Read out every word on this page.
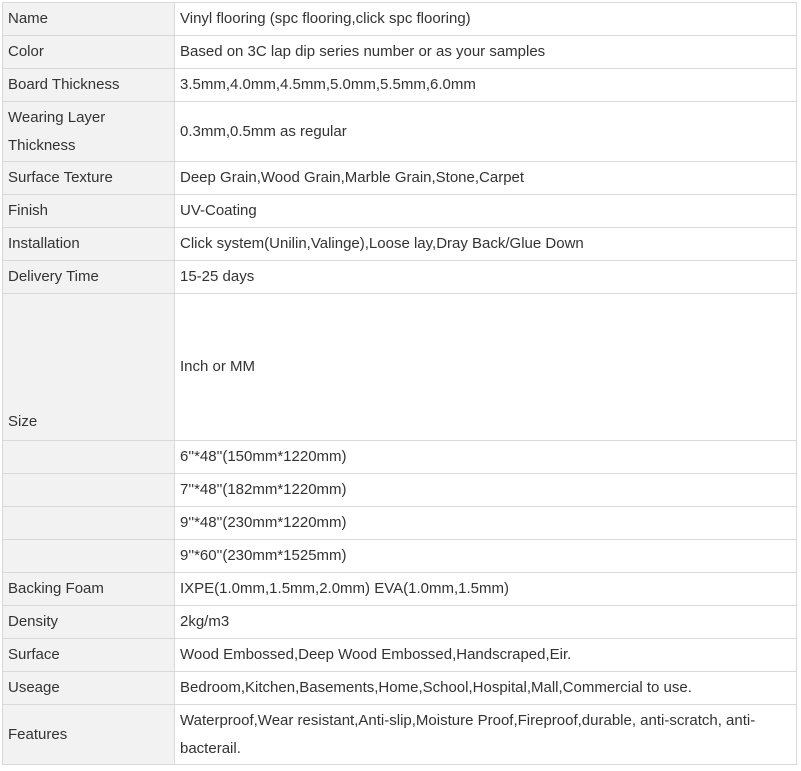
Name	Vinyl flooring (spc flooring,click spc flooring)
Color	Based on 3C lap dip series number or as your samples
Board Thickness	3.5mm,4.0mm,4.5mm,5.0mm,5.5mm,6.0mm
Wearing Layer Thickness	0.3mm,0.5mm as regular
Surface Texture	Deep Grain,Wood Grain,Marble Grain,Stone,Carpet
Finish	UV-Coating
Installation	Click system(Unilin,Valinge),Loose lay,Dray Back/Glue Down
Delivery Time	15-25 days
Size	Inch or MM
	6''*48''(150mm*1220mm)
	7''*48''(182mm*1220mm)
	9''*48''(230mm*1220mm)
	9''*60''(230mm*1525mm)
Backing Foam	IXPE(1.0mm,1.5mm,2.0mm) EVA(1.0mm,1.5mm)
Density	2kg/m3
Surface	Wood Embossed,Deep Wood Embossed,Handscraped,Eir.
Useage	Bedroom,Kitchen,Basements,Home,School,Hospital,Mall,Commercial to use.
Features	Waterproof,Wear resistant,Anti-slip,Moisture Proof,Fireproof,durable, anti-scratch, anti-bacterail.
